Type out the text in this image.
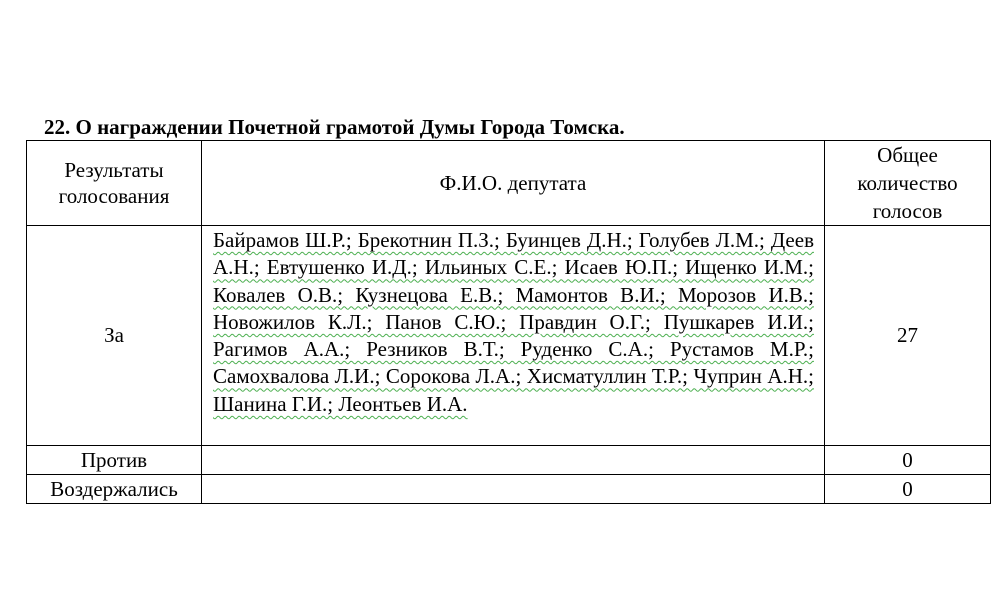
22. О награждении Почетной грамотой Думы Города Томска.
Результаты голосования	Ф.И.О. депутата	Общее количество голосов
За	Байрамов Ш.Р.; Брекотнин П.З.; Буинцев Д.Н.; Голубев Л.М.; Деев А.Н.; Евтушенко И.Д.; Ильиных С.Е.; Исаев Ю.П.; Ищенко И.М.; Ковалев О.В.; Кузнецова Е.В.; Мамонтов В.И.; Морозов И.В.; Новожилов К.Л.; Панов С.Ю.; Правдин О.Г.; Пушкарев И.И.; Рагимов А.А.; Резников В.Т.; Руденко С.А.; Рустамов М.Р.; Самохвалова Л.И.; Сорокова Л.А.; Хисматуллин Т.Р.; Чуприн А.Н.; Шанина Г.И.; Леонтьев И.А.	27
Против		0
Воздержались		0
